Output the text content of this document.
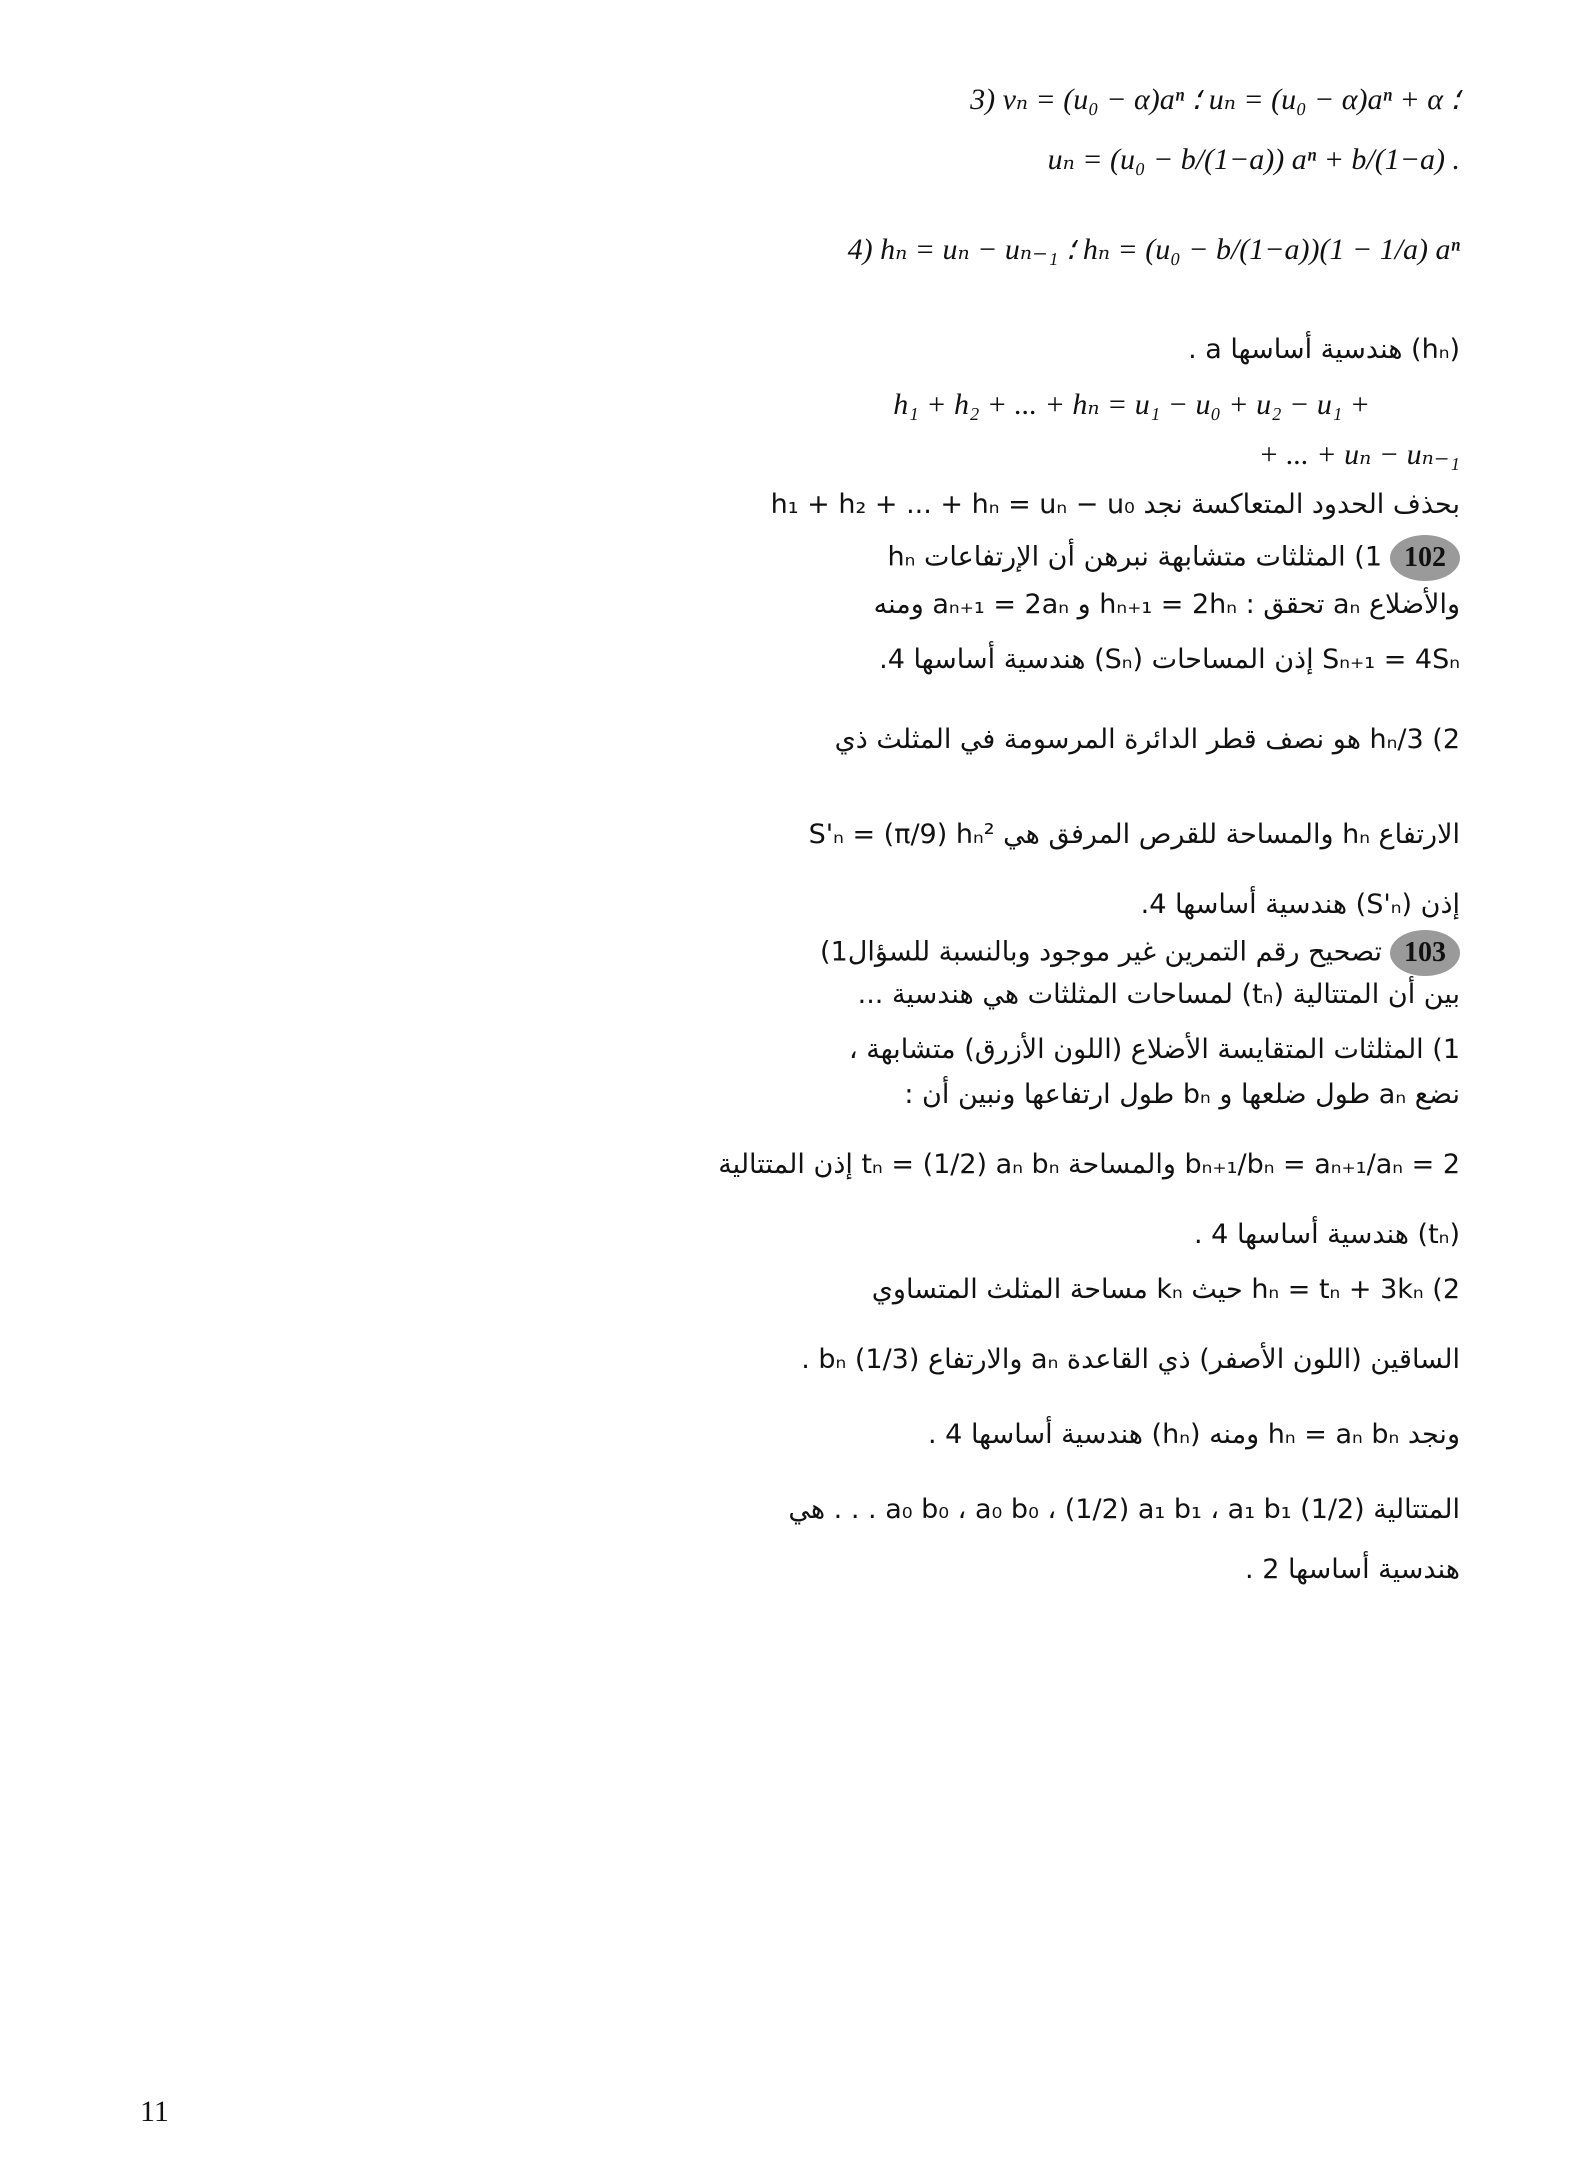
3) vₙ = (u₀ − α)aⁿ ؛ uₙ = (u₀ − α)aⁿ + α ؛
uₙ = (u₀ − b/(1−a)) aⁿ + b/(1−a) .
4) hₙ = uₙ − uₙ₋₁ ؛ hₙ = (u₀ − b/(1−a))(1 − 1/a) aⁿ
(hₙ) هندسية أساسها a .
h₁ + h₂ + ... + hₙ = u₁ − u₀ + u₂ − u₁ +
+ ... + uₙ − uₙ₋₁
بحذف الحدود المتعاكسة نجد h₁ + h₂ + ... + hₙ = uₙ − u₀
1021) المثلثات متشابهة نبرهن أن الإرتفاعات hₙ
والأضلاع aₙ تحقق : hₙ₊₁ = 2hₙ و aₙ₊₁ = 2aₙ ومنه
Sₙ₊₁ = 4Sₙ إذن المساحات (Sₙ) هندسية أساسها 4.
2) hₙ/3 هو نصف قطر الدائرة المرسومة في المثلث ذي
الارتفاع hₙ والمساحة للقرص المرفق هي S'ₙ = (π/9) hₙ²
إذن (S'ₙ) هندسية أساسها 4.
103تصحيح رقم التمرين غير موجود وبالنسبة للسؤال1)
بين أن المتتالية (tₙ) لمساحات المثلثات هي هندسية ...
1) المثلثات المتقايسة الأضلاع (اللون الأزرق) متشابهة ،
نضع aₙ طول ضلعها و bₙ طول ارتفاعها ونبين أن :
bₙ₊₁/bₙ = aₙ₊₁/aₙ = 2 والمساحة tₙ = (1/2) aₙ bₙ إذن المتتالية
(tₙ) هندسية أساسها 4 .
2) hₙ = tₙ + 3kₙ حيث kₙ مساحة المثلث المتساوي
الساقين (اللون الأصفر) ذي القاعدة aₙ والارتفاع (1/3) bₙ .
ونجد hₙ = aₙ bₙ ومنه (hₙ) هندسية أساسها 4 .
المتتالية (1/2) a₀ b₀ ، a₀ b₀ ، (1/2) a₁ b₁ ، a₁ b₁ . . . هي
هندسية أساسها 2 .
11
